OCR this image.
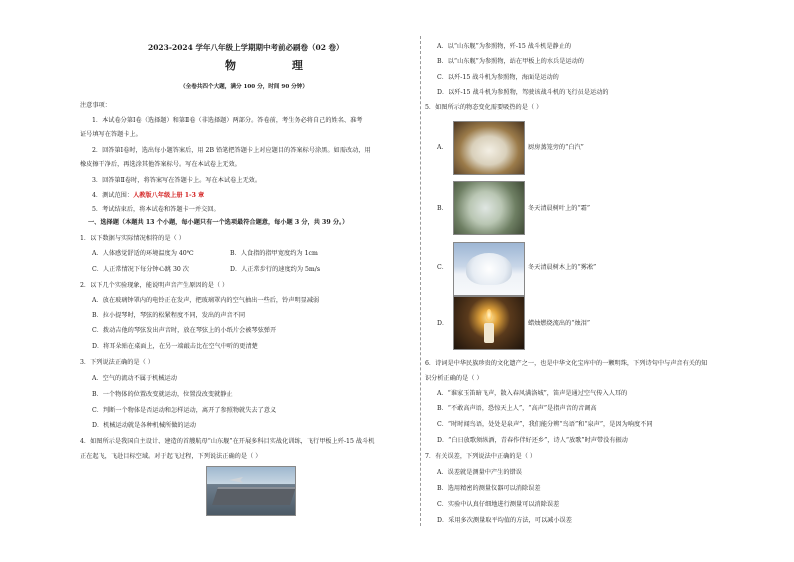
2023-2024 学年八年级上学期期中考前必刷卷（02 卷）
物 理
（全卷共四个大题，满分 100 分，时间 90 分钟）
注意事项：
1．本试卷分第Ⅰ卷（选择题）和第Ⅱ卷（非选择题）两部分。答卷前，考生务必将自己的姓名、准考
证号填写在答题卡上。
2．回答第Ⅰ卷时，选出每小题答案后，用 2B 铅笔把答题卡上对应题目的答案标号涂黑。如需改动，用
橡皮擦干净后，再选涂其他答案标号。写在本试卷上无效。
3．回答第Ⅱ卷时，将答案写在答题卡上。写在本试卷上无效。
4．测试范围：人教版八年级上册 1-3 章
5．考试结束后，将本试卷和答题卡一并交回。
一、选择题（本题共 13 个小题，每小题只有一个选项最符合题意，每小题 3 分，共 39 分。）
1．以下数据与实际情况相符的是（ ）
A．人体感觉舒适的环境温度为 40℃	B．人食指的指甲宽度约为 1cm
C．人正常情况下每分钟心跳 30 次	D．人正常步行的速度约为 5m/s
2．以下几个实验现象，能说明声音产生原因的是（ ）
A．放在玻璃钟罩内的电铃正在发声，把玻璃罩内的空气抽出一些后，铃声明显减弱
B．拉小提琴时，琴弦的松紧程度不同，发出的声音不同
C．拨动吉他的琴弦发出声音时，放在琴弦上的小纸片会被琴弦弹开
D．将耳朵贴在桌面上，在另一端敲击比在空气中听的更清楚
3．下列说法正确的是（ ）
A．空气的流动不属于机械运动
B．一个物体的位置改变就运动，位置没改变就静止
C．判断一个物体是否运动和怎样运动，离开了参照物就失去了意义
D．机械运动就是各种机械所做的运动
4．如图所示是我国自主设计、建造的首艘航母“山东舰”在开展多科目实战化训练，飞行甲板上歼-15 战斗机
正在起飞，飞赴目标空域。对于起飞过程，下列说法正确的是（ ）
A．以“山东舰”为参照物，歼-15 战斗机是静止的
B．以“山东舰”为参照物，站在甲板上的水兵是运动的
C．以歼-15 战斗机为参照物，海面是运动的
D．以歼-15 战斗机为参照物，驾驶该战斗机的飞行员是运动的
5．如图所示的物态变化需要吸热的是（ ）
A．	厨房蒸笼旁的“白汽”
B．	冬天清晨树叶上的“霜”
C．	冬天清晨树木上的“雾凇”
D．	蜡烛燃烧流出的“烛泪”
6．诗词是中华民族珍贵的文化遗产之一，也是中华文化宝库中的一颗明珠，下列诗句中与声音有关的知
识分析正确的是（ ）
A．“谁家玉笛暗飞声，散入春风满洛城”，笛声是通过空气传入人耳的
B．“不敢高声语，恐惊天上人”，“高声”是指声音的音调高
C．“时时闻鸟语，处处是泉声”，我们能分辨“鸟语”和“泉声”，是因为响度不同
D．“白日放歌须纵酒，青春作伴好还乡”，诗人“放歌”时声带没有振动
7．有关误差，下列说法中正确的是（ ）
A．误差就是测量中产生的错误
B．选用精密的测量仪器可以消除误差
C．实验中认真仔细地进行测量可以消除误差
D．采用多次测量取平均值的方法，可以减小误差
